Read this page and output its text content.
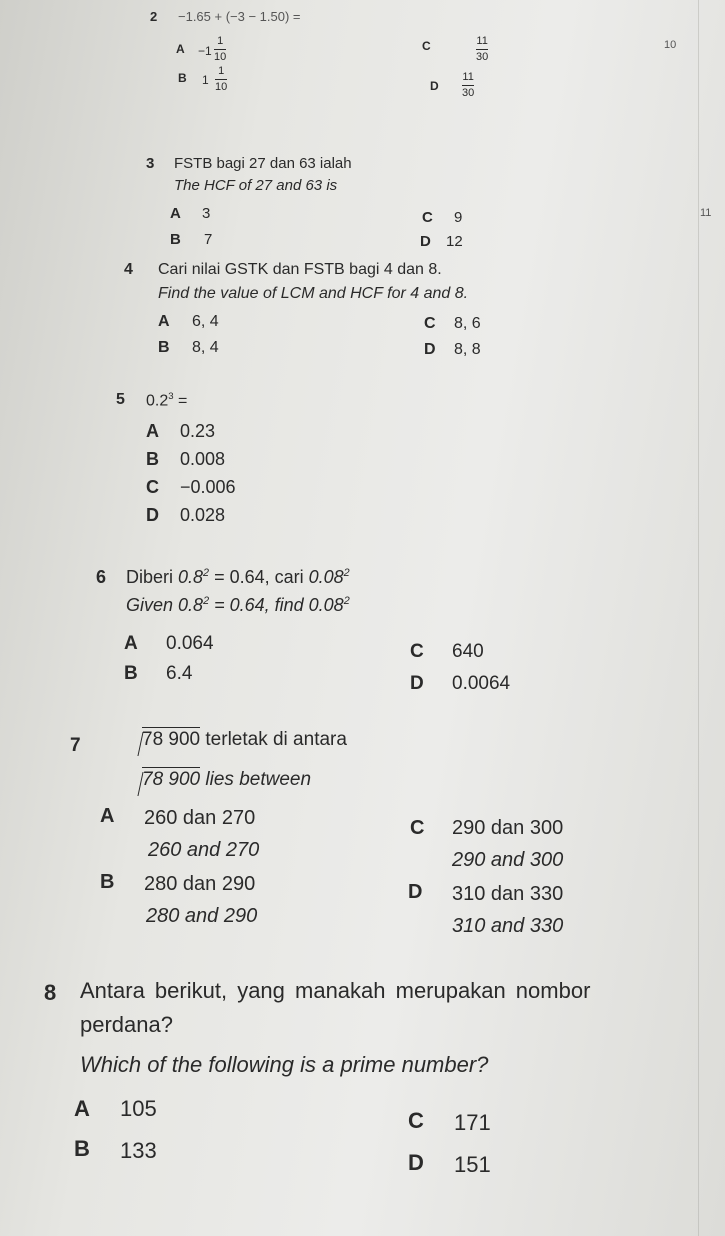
2 −1.65 + (−3 − 1.50) =
A −1
1
10
B 1
1
10
C	11
30
D
11
30
10
3 FSTB bagi 27 dan 63 ialah
The HCF of 27 and 63 is
A 3
B 7
C 9
D 12
11
4 Cari nilai GSTK dan FSTB bagi 4 dan 8.
Find the value of LCM and HCF for 4 and 8.
A 6, 4
B 8, 4
C 8, 6
D 8, 8
5 $0.2^3$ =
A 0.23
B 0.008
C −0.006
D 0.028
6 Diberi $0.8^2 = 0.64$, cari 0.08$^2$
Given $0.8^2 = 0.64$, find 0.08$^2$
A 0.064
B 6.4
C 640
D 0.0064
7	78 900 terletak di antara
78 900 lies between
A 260 dan 270
260 and 270
B 280 dan 290
280 and 290
C 290 dan 300
290 and 300
D 310 dan 330
310 and 330
8 Antara berikut, yang manakah merupakan nombor
perdana?
Which of the following is a prime number?
A 105
B 133
C 171
D 151
